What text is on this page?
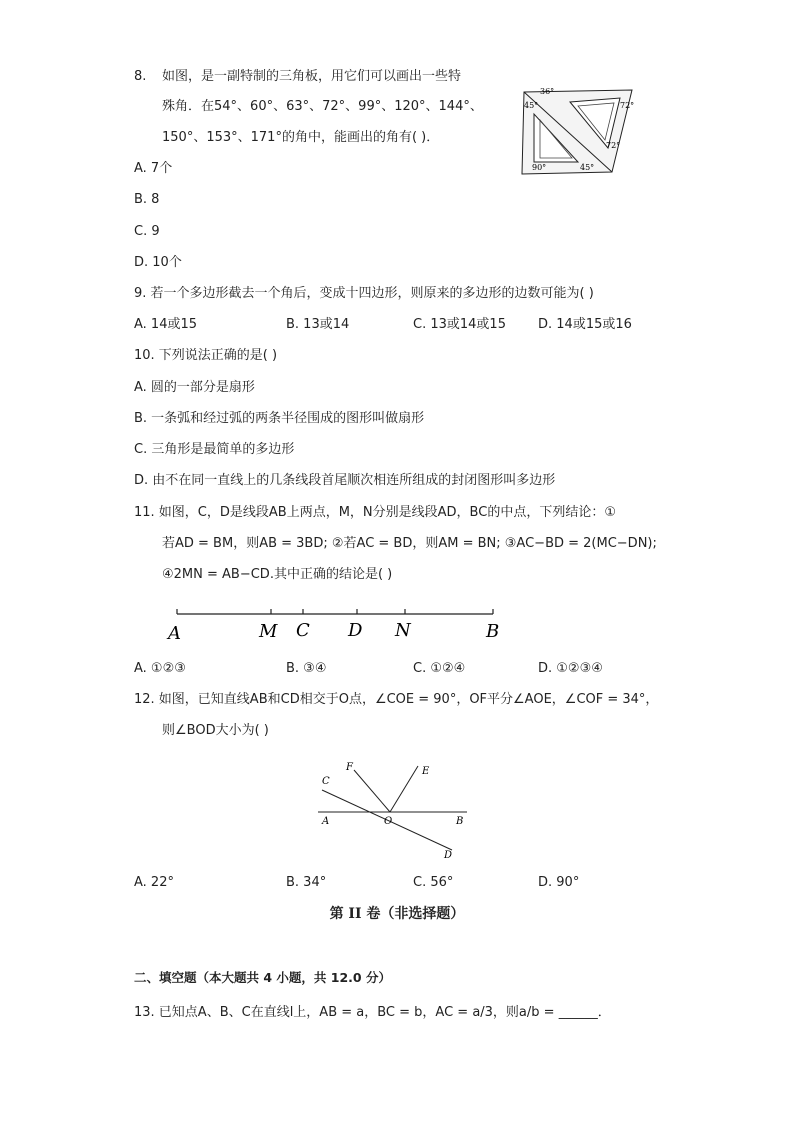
8. 如图，是一副特制的三角板，用它们可以画出一些特
殊角．在54°、60°、63°、72°、99°、120°、144°、
150°、153°、171°的角中，能画出的角有( )．
36°
45°	72°
72°
90°	45°
A. 7个
B. 8
C. 9
D. 10个
9. 若一个多边形截去一个角后，变成十四边形，则原来的多边形的边数可能为( )
A. 14或15	B. 13或14	C. 13或14或15 D. 14或15或16
10. 下列说法正确的是( )
A. 圆的一部分是扇形
B. 一条弧和经过弧的两条半径围成的图形叫做扇形
C. 三角形是最简单的多边形
D. 由不在同一直线上的几条线段首尾顺次相连所组成的封闭图形叫多边形
11. 如图，C，D是线段AB上两点，M，N分别是线段AD，BC的中点，下列结论：①
若AD = BM，则AB = 3BD; ②若AC = BD，则AM = BN; ③AC−BD = 2(MC−DN);
④2MN = AB−CD.其中正确的结论是( )
A	M C D N	B
A. ①②③	B. ③④	C. ①②④	D. ①②③④
12. 如图，已知直线AB和CD相交于O点，∠COE = 90°，OF平分∠AOE，∠COF = 34°，
则∠BOD大小为( )
F	E
C
A	O	B
D
A. 22°	B. 34°	C. 56°	D. 90°
第 II 卷（非选择题）
二、填空题（本大题共 4 小题，共 12.0 分）
13. 已知点A、B、C在直线l上，AB = a，BC = b，AC = a/3，则a/b = ______．
